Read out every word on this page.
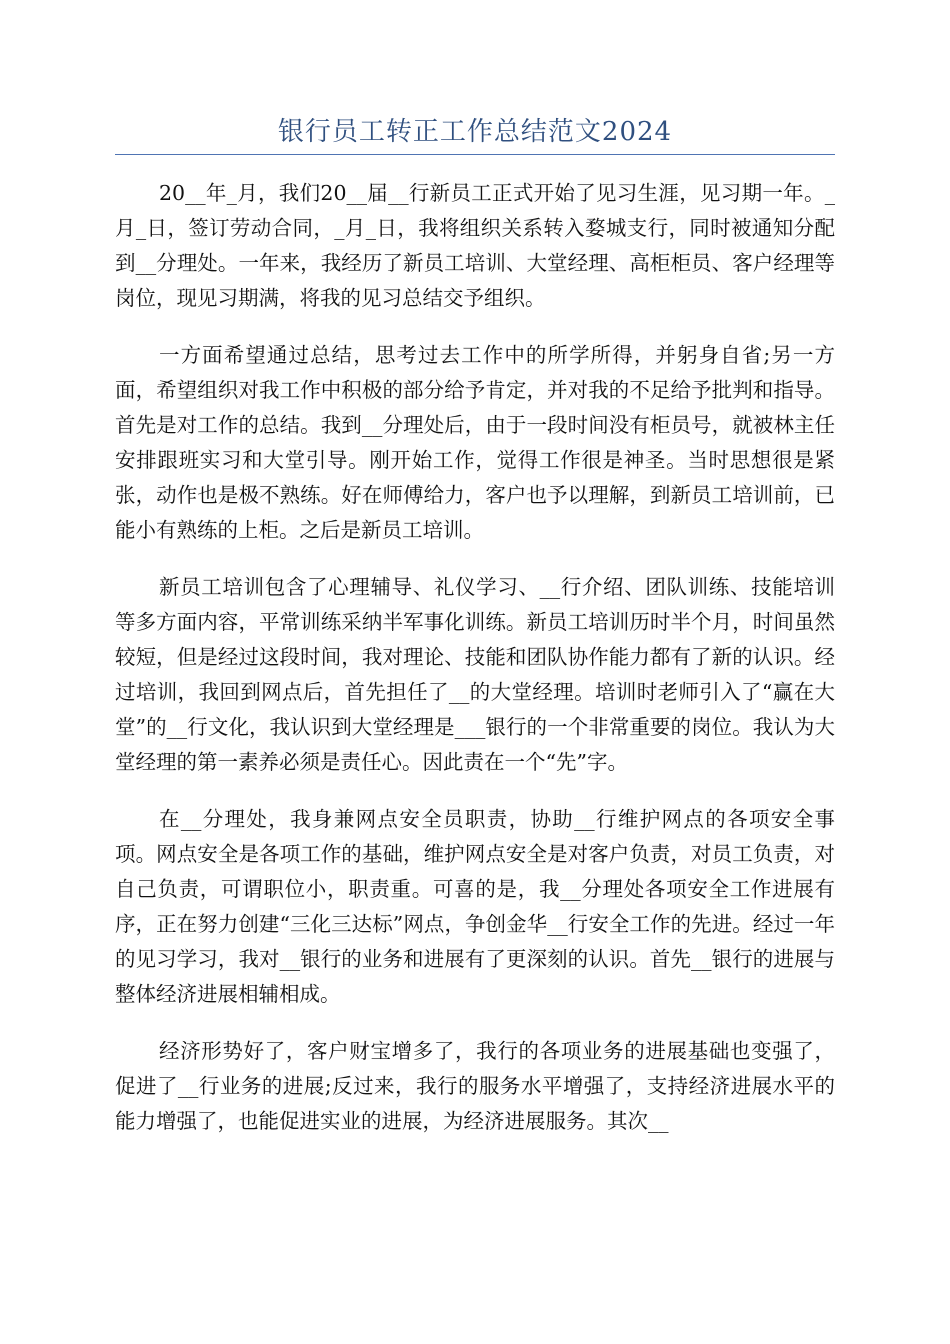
银行员工转正工作总结范文2024

20__年_月，我们20__届__行新员工正式开始了见习生涯，见习期一年。_月_日，签订劳动合同，_月_日，我将组织关系转入婺城支行，同时被通知分配到__分理处。一年来，我经历了新员工培训、大堂经理、高柜柜员、客户经理等岗位，现见习期满，将我的见习总结交予组织。

一方面希望通过总结，思考过去工作中的所学所得，并躬身自省;另一方面，希望组织对我工作中积极的部分给予肯定，并对我的不足给予批判和指导。首先是对工作的总结。我到__分理处后，由于一段时间没有柜员号，就被林主任安排跟班实习和大堂引导。刚开始工作，觉得工作很是神圣。当时思想很是紧张，动作也是极不熟练。好在师傅给力，客户也予以理解，到新员工培训前，已能小有熟练的上柜。之后是新员工培训。

新员工培训包含了心理辅导、礼仪学习、__行介绍、团队训练、技能培训等多方面内容，平常训练采纳半军事化训练。新员工培训历时半个月，时间虽然较短，但是经过这段时间，我对理论、技能和团队协作能力都有了新的认识。经过培训，我回到网点后，首先担任了__的大堂经理。培训时老师引入了“赢在大堂”的__行文化，我认识到大堂经理是___银行的一个非常重要的岗位。我认为大堂经理的第一素养必须是责任心。因此责在一个“先”字。

在__分理处，我身兼网点安全员职责，协助__行维护网点的各项安全事项。网点安全是各项工作的基础，维护网点安全是对客户负责，对员工负责，对自己负责，可谓职位小，职责重。可喜的是，我__分理处各项安全工作进展有序，正在努力创建“三化三达标”网点，争创金华__行安全工作的先进。经过一年的见习学习，我对__银行的业务和进展有了更深刻的认识。首先__银行的进展与整体经济进展相辅相成。

经济形势好了，客户财宝增多了，我行的各项业务的进展基础也变强了，促进了__行业务的进展;反过来，我行的服务水平增强了，支持经济进展水平的能力增强了，也能促进实业的进展，为经济进展服务。其次__
